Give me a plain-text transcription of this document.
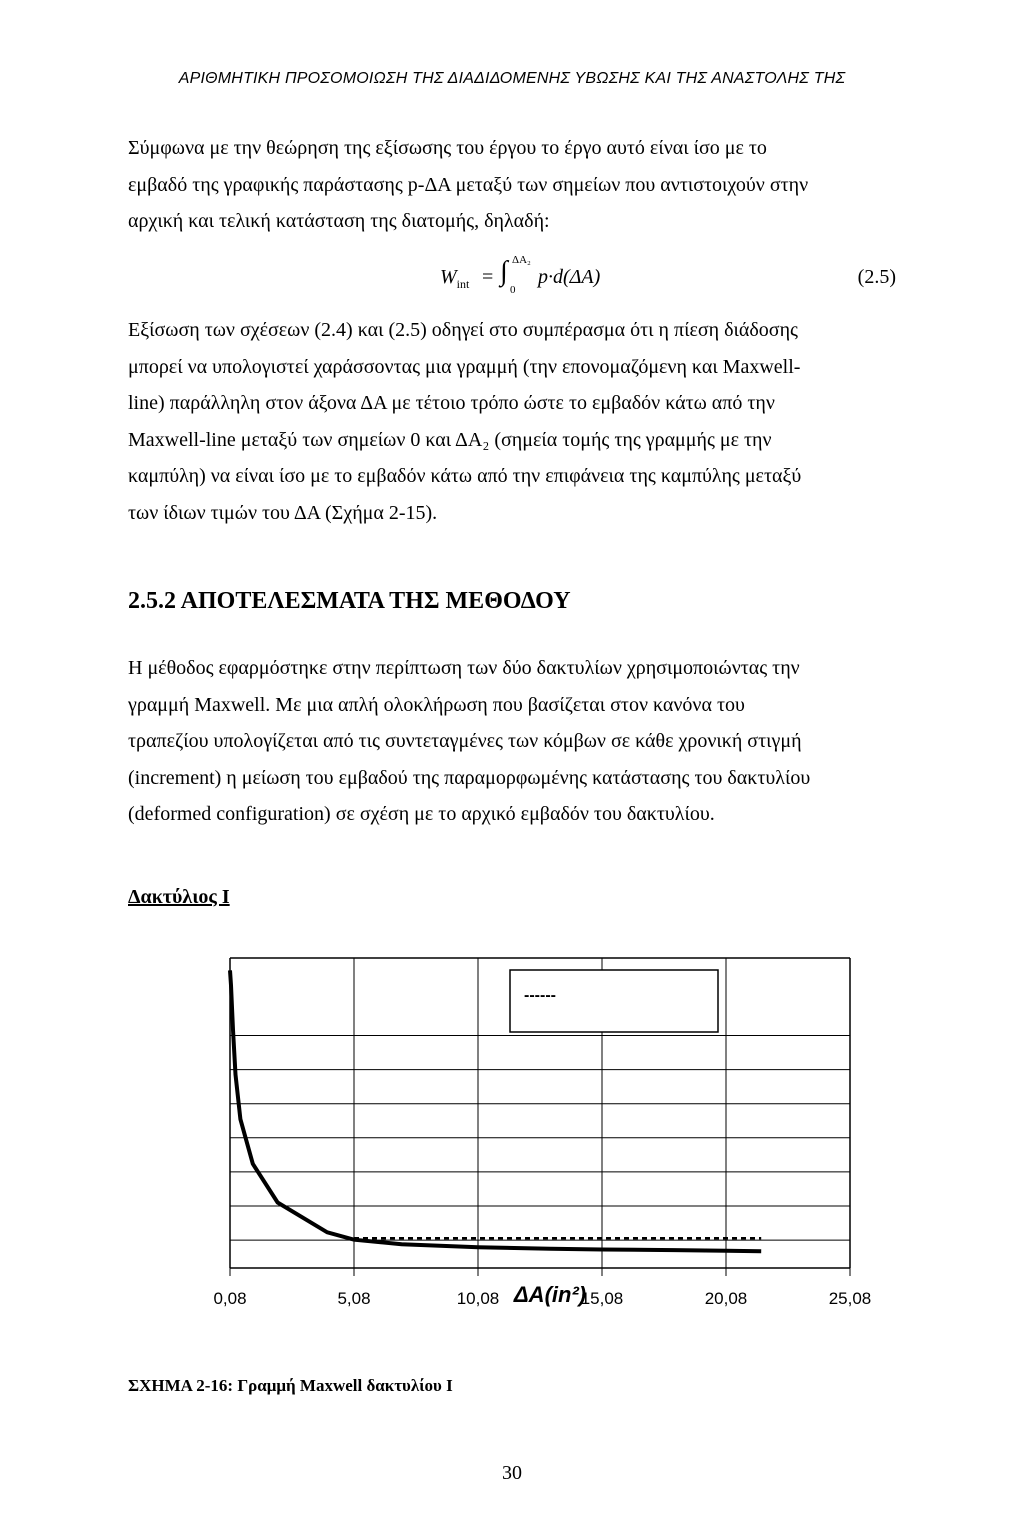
ΑΡΙΘΜΗΤΙΚΗ ΠΡΟΣΟΜΟΙΩΣΗ ΤΗΣ ΔΙΑΔΙΔΟΜΕΝΗΣ ΥΒΩΣΗΣ ΚΑΙ ΤΗΣ ΑΝΑΣΤΟΛΗΣ ΤΗΣ

Σύμφωνα με την θεώρηση της εξίσωσης του έργου το έργο αυτό είναι ίσο με το
εμβαδό της γραφικής παράστασης p-ΔΑ μεταξύ των σημείων που αντιστοιχούν στην
αρχική και τελική κατάσταση της διατομής, δηλαδή:

$W_{int}$ = ∫ ΔΑ₂
0
p·d(ΔΑ)	(2.5)

Εξίσωση των σχέσεων (2.4) και (2.5) οδηγεί στο συμπέρασμα ότι η πίεση διάδοσης
μπορεί να υπολογιστεί χαράσσοντας μια γραμμή (την επονομαζόμενη και Maxwell-
line) παράλληλη στον άξονα ΔΑ με τέτοιο τρόπο ώστε το εμβαδόν κάτω από την
Maxwell-line μεταξύ των σημείων 0 και ΔΑ₂ (σημεία τομής της γραμμής με την
καμπύλη) να είναι ίσο με το εμβαδόν κάτω από την επιφάνεια της καμπύλης μεταξύ
των ίδιων τιμών του ΔΑ (Σχήμα 2-15).

2.5.2 ΑΠΟΤΕΛΕΣΜΑΤΑ ΤΗΣ ΜΕΘΟΔΟΥ

Η μέθοδος εφαρμόστηκε στην περίπτωση των δύο δακτυλίων χρησιμοποιώντας την
γραμμή Maxwell. Με μια απλή ολοκλήρωση που βασίζεται στον κανόνα του
τραπεζίου υπολογίζεται από τις συντεταγμένες των κόμβων σε κάθε χρονική στιγμή
(increment) η μείωση του εμβαδού της παραμορφωμένης κατάστασης του δακτυλίου
(deformed configuration) σε σχέση με το αρχικό εμβαδόν του δακτυλίου.

Δακτύλιος Ι
------
0,08	5,08	10,08	15,08	20,08	25,08
ΔΑ(in²)

ΣΧΗΜΑ 2-16: Γραμμή Maxwell δακτυλίου Ι

30
